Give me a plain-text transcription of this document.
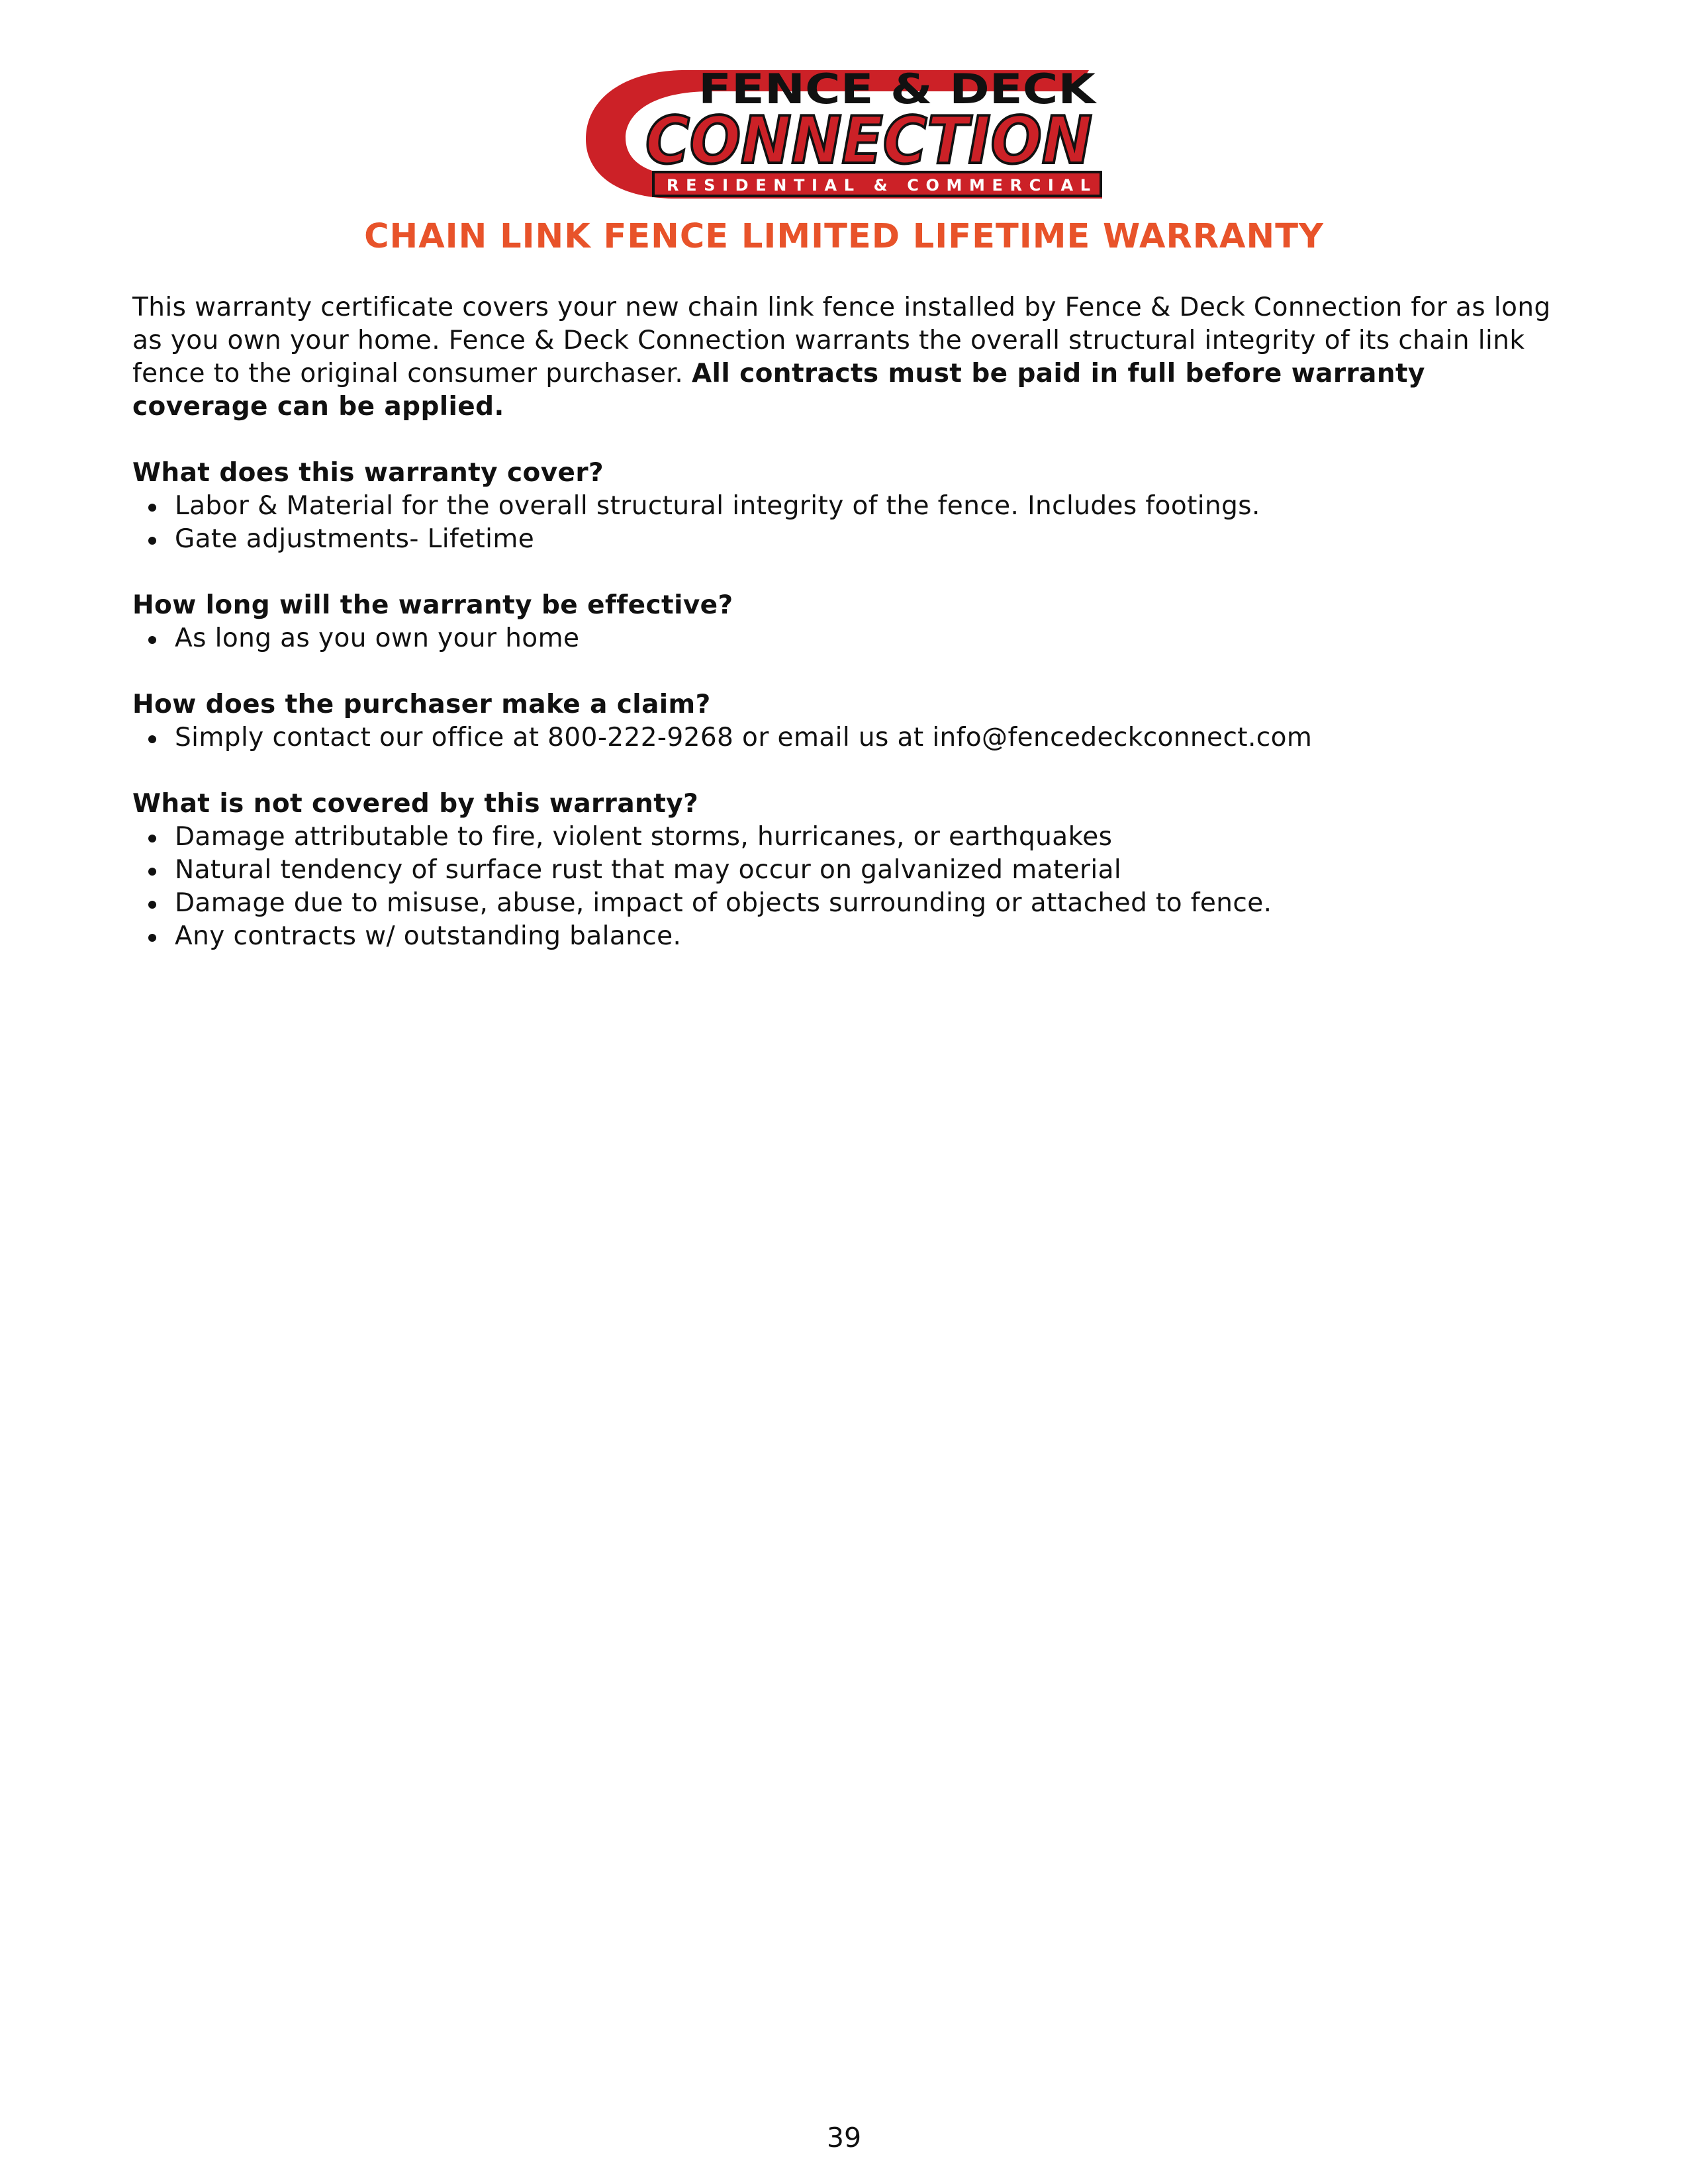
FENCE & DECK
CONNECTION
RESIDENTIAL & COMMERCIAL
CHAIN LINK FENCE LIMITED LIFETIME WARRANTY

This warranty certificate covers your new chain link fence installed by Fence & Deck Connection for as long as you own your home. Fence & Deck Connection warrants the overall structural integrity of its chain link fence to the original consumer purchaser. All contracts must be paid in full before warranty coverage can be applied.

What does this warranty cover?
Labor & Material for the overall structural integrity of the fence. Includes footings.
Gate adjustments- Lifetime
How long will the warranty be effective?
As long as you own your home
How does the purchaser make a claim?
Simply contact our office at 800-222-9268 or email us at info@fencedeckconnect.com
What is not covered by this warranty?
Damage attributable to fire, violent storms, hurricanes, or earthquakes
Natural tendency of surface rust that may occur on galvanized material
Damage due to misuse, abuse, impact of objects surrounding or attached to fence.
Any contracts w/ outstanding balance.
39
